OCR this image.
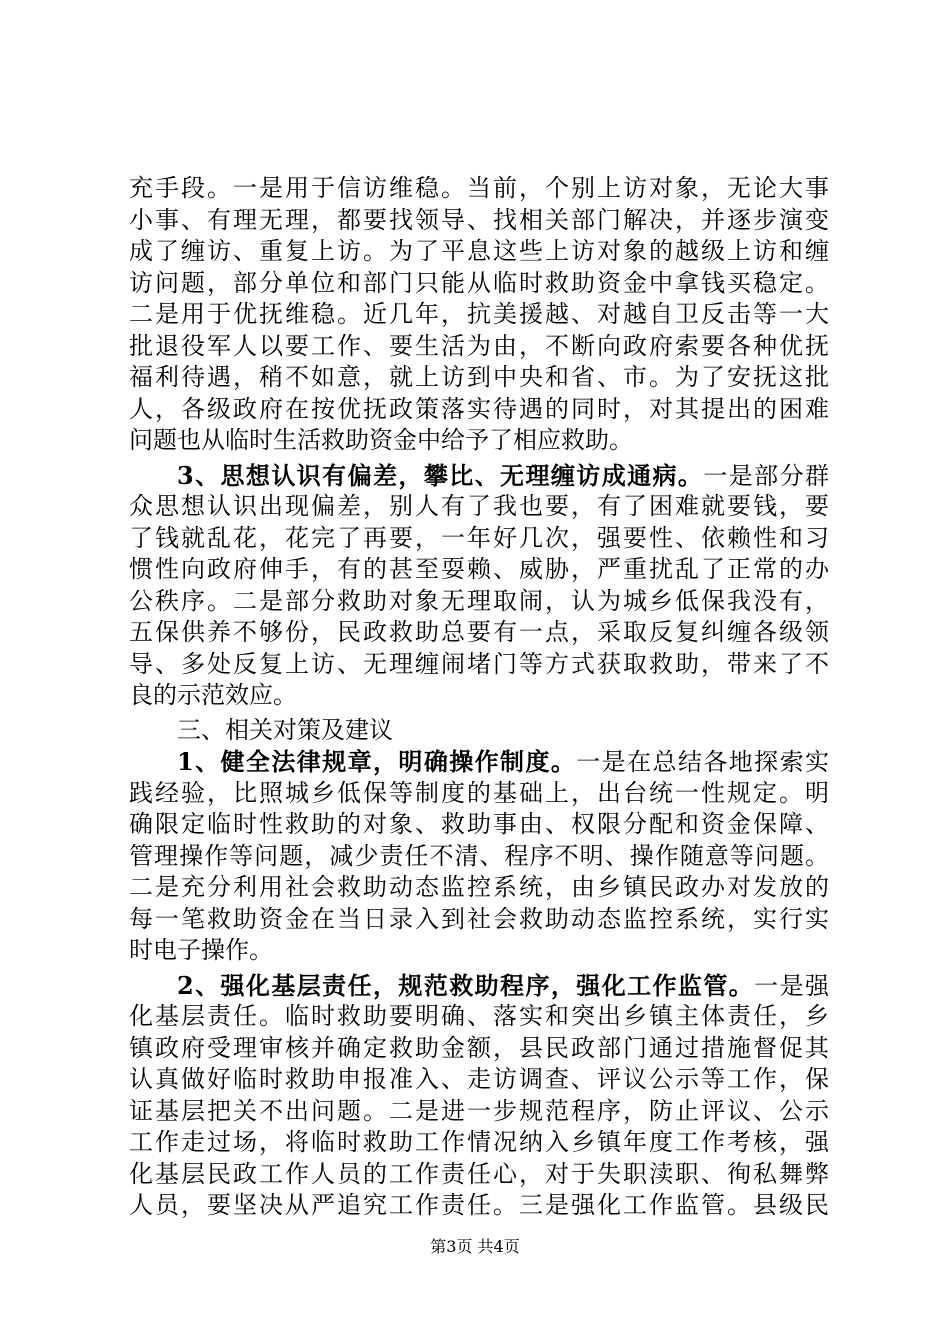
充手段。一是用于信访维稳。当前，个别上访对象，无论大事
小事、有理无理，都要找领导、找相关部门解决，并逐步演变
成了缠访、重复上访。为了平息这些上访对象的越级上访和缠
访问题，部分单位和部门只能从临时救助资金中拿钱买稳定。
二是用于优抚维稳。近几年，抗美援越、对越自卫反击等一大
批退役军人以要工作、要生活为由，不断向政府索要各种优抚
福利待遇，稍不如意，就上访到中央和省、市。为了安抚这批
人，各级政府在按优抚政策落实待遇的同时，对其提出的困难
问题也从临时生活救助资金中给予了相应救助。
3、思想认识有偏差，攀比、无理缠访成通病。一是部分群
众思想认识出现偏差，别人有了我也要，有了困难就要钱，要
了钱就乱花，花完了再要，一年好几次，强要性、依赖性和习
惯性向政府伸手，有的甚至耍赖、威胁，严重扰乱了正常的办
公秩序。二是部分救助对象无理取闹，认为城乡低保我没有，
五保供养不够份，民政救助总要有一点，采取反复纠缠各级领
导、多处反复上访、无理缠闹堵门等方式获取救助，带来了不
良的示范效应。
三、相关对策及建议
1、健全法律规章，明确操作制度。一是在总结各地探索实
践经验，比照城乡低保等制度的基础上，出台统一性规定。明
确限定临时性救助的对象、救助事由、权限分配和资金保障、
管理操作等问题，减少责任不清、程序不明、操作随意等问题。
二是充分利用社会救助动态监控系统，由乡镇民政办对发放的
每一笔救助资金在当日录入到社会救助动态监控系统，实行实
时电子操作。
2、强化基层责任，规范救助程序，强化工作监管。一是强
化基层责任。临时救助要明确、落实和突出乡镇主体责任，乡
镇政府受理审核并确定救助金额，县民政部门通过措施督促其
认真做好临时救助申报准入、走访调查、评议公示等工作，保
证基层把关不出问题。二是进一步规范程序，防止评议、公示
工作走过场，将临时救助工作情况纳入乡镇年度工作考核，强
化基层民政工作人员的工作责任心，对于失职渎职、徇私舞弊
人员，要坚决从严追究工作责任。三是强化工作监管。县级民
第3页 共4页
